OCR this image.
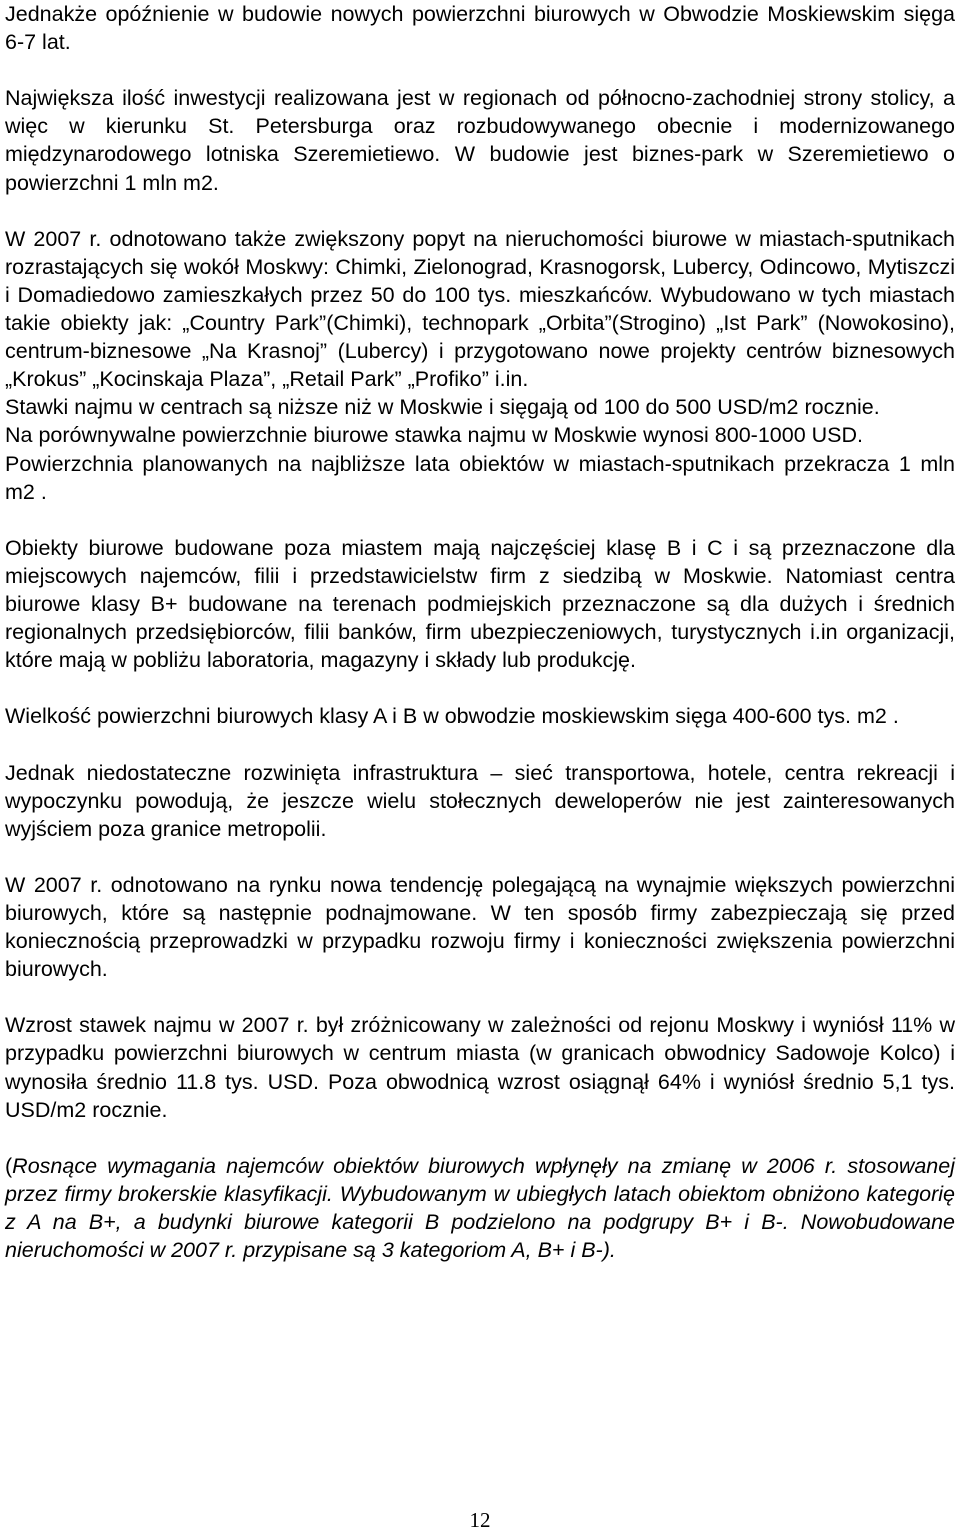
Jednakże opóźnienie w budowie nowych powierzchni biurowych w Obwodzie Moskiewskim sięga 6-7 lat.

Największa ilość inwestycji realizowana jest w regionach od północno-zachodniej strony stolicy, a więc w kierunku St. Petersburga oraz rozbudowywanego obecnie i modernizowanego międzynarodowego lotniska Szeremietiewo. W budowie jest biznes-park w Szeremietiewo o powierzchni 1 mln m2.

W 2007 r. odnotowano także zwiększony popyt na nieruchomości biurowe w miastach-sputnikach rozrastających się wokół Moskwy: Chimki, Zielonograd, Krasnogorsk, Lubercy, Odincowo, Mytiszczi i Domadiedowo zamieszkałych przez 50 do 100 tys. mieszkańców. Wybudowano w tych miastach takie obiekty jak: „Country Park”(Chimki), technopark „Orbita”(Strogino) „Ist Park” (Nowokosino), centrum-biznesowe „Na Krasnoj” (Lubercy) i przygotowano nowe projekty centrów biznesowych „Krokus” „Kocinskaja Plaza”, „Retail Park” „Profiko” i.in.

Stawki najmu w centrach są niższe niż w Moskwie i sięgają od 100 do 500 USD/m2 rocznie.

Na porównywalne powierzchnie biurowe stawka najmu w Moskwie wynosi 800-1000 USD.

Powierzchnia planowanych na najbliższe lata obiektów w miastach-sputnikach przekracza 1 mln m2 .

Obiekty biurowe budowane poza miastem mają najczęściej klasę B i C i są przeznaczone dla miejscowych najemców, filii i przedstawicielstw firm z siedzibą w Moskwie. Natomiast centra biurowe klasy B+ budowane na terenach podmiejskich przeznaczone są dla dużych i średnich regionalnych przedsiębiorców, filii banków, firm ubezpieczeniowych, turystycznych i.in organizacji, które mają w pobliżu laboratoria, magazyny i składy lub produkcję.

Wielkość powierzchni biurowych klasy A i B w obwodzie moskiewskim sięga 400-600 tys. m2 .

Jednak niedostateczne rozwinięta infrastruktura – sieć transportowa, hotele, centra rekreacji i wypoczynku powodują, że jeszcze wielu stołecznych deweloperów nie jest zainteresowanych wyjściem poza granice metropolii.

W 2007 r. odnotowano na rynku nowa tendencję polegającą na wynajmie większych powierzchni biurowych, które są następnie podnajmowane. W ten sposób firmy zabezpieczają się przed koniecznością przeprowadzki w przypadku rozwoju firmy i konieczności zwiększenia powierzchni biurowych.

Wzrost stawek najmu w 2007 r. był zróżnicowany w zależności od rejonu Moskwy i wyniósł 11% w przypadku powierzchni biurowych w centrum miasta (w granicach obwodnicy Sadowoje Kolco) i wynosiła średnio 11.8 tys. USD. Poza obwodnicą wzrost osiągnął 64% i wyniósł średnio 5,1 tys. USD/m2 rocznie.

(Rosnące wymagania najemców obiektów biurowych wpłynęły na zmianę w 2006 r. stosowanej przez firmy brokerskie klasyfikacji. Wybudowanym w ubiegłych latach obiektom obniżono kategorię z A na B+, a budynki biurowe kategorii B podzielono na podgrupy B+ i B-. Nowobudowane nieruchomości w 2007 r. przypisane są 3 kategoriom A, B+ i B-).

12
